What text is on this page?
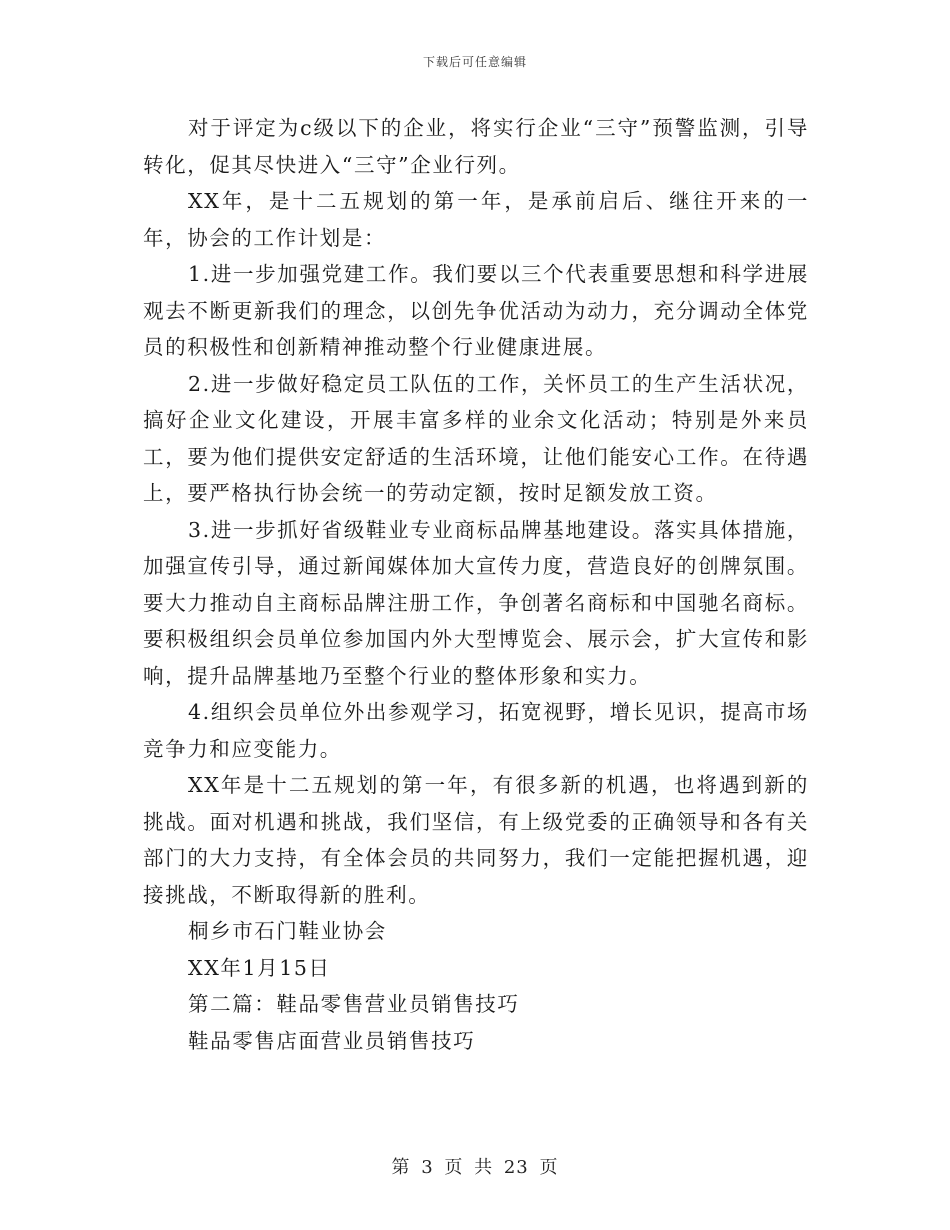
下载后可任意编辑

对于评定为c级以下的企业，将实行企业“三守”预警监测，引导转化，促其尽快进入“三守”企业行列。

XX年，是十二五规划的第一年，是承前启后、继往开来的一年，协会的工作计划是：

1.进一步加强党建工作。我们要以三个代表重要思想和科学进展观去不断更新我们的理念，以创先争优活动为动力，充分调动全体党员的积极性和创新精神推动整个行业健康进展。

2.进一步做好稳定员工队伍的工作，关怀员工的生产生活状况，搞好企业文化建设，开展丰富多样的业余文化活动；特别是外来员工，要为他们提供安定舒适的生活环境，让他们能安心工作。在待遇上，要严格执行协会统一的劳动定额，按时足额发放工资。

3.进一步抓好省级鞋业专业商标品牌基地建设。落实具体措施，加强宣传引导，通过新闻媒体加大宣传力度，营造良好的创牌氛围。要大力推动自主商标品牌注册工作，争创著名商标和中国驰名商标。要积极组织会员单位参加国内外大型博览会、展示会，扩大宣传和影响，提升品牌基地乃至整个行业的整体形象和实力。

4.组织会员单位外出参观学习，拓宽视野，增长见识，提高市场竞争力和应变能力。

XX年是十二五规划的第一年，有很多新的机遇，也将遇到新的挑战。面对机遇和挑战，我们坚信，有上级党委的正确领导和各有关部门的大力支持，有全体会员的共同努力，我们一定能把握机遇，迎接挑战，不断取得新的胜利。

桐乡市石门鞋业协会

XX年1月15日

第二篇：鞋品零售营业员销售技巧

鞋品零售店面营业员销售技巧

第 3 页 共 23 页
